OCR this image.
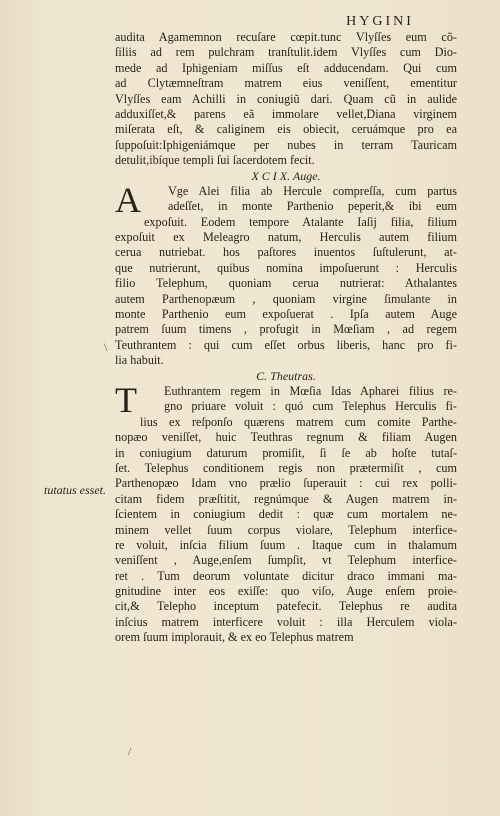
HYGINI
tutatus esset.
\
/
audita Agamemnon recuſare cœpit.tunc Vlyſſes eum cõ-
ſiliis ad rem pulchram tranſtulit.idem Vlyſſes cum Dio-
mede ad Iphigeniam miſſus eſt adducendam. Qui cum
ad Clytæmneſtram matrem eius veniſſent, ementitur
Vlyſſes eam Achilli in coniugiũ dari. Quam cũ in aulide
adduxiſſet,& parens eã immolare vellet,Diana virginem
miſerata eſt, & caliginem eis obiecit, ceruámque pro ea
ſuppoſuit:Iphigeniámque per nubes in terram Tauricam
detulit,ibíque templi ſui ſacerdotem fecit.
X C I X. Auge.
A	Vge Alei filia ab Hercule compreſſa, cum partus
adeſſet, in monte Parthenio peperit,& ibi eum
expoſuit. Eodem tempore Atalante Iaſij filia, filium
expoſuit ex Meleagro natum, Herculis autem filium
cerua nutriebat. hos paſtores inuentos ſuſtulerunt, at-
que nutrierunt, quibus nomina impoſuerunt : Herculis
filio Telephum, quoniam cerua nutrierat: Athalantes
autem Parthenopæum , quoniam virgine ſimulante in
monte Parthenio eum expoſuerat . Ipſa autem Auge
patrem ſuum timens , profugit in Mœſiam , ad regem
Teuthrantem : qui cum eſſet orbus liberis, hanc pro fi-
lia habuit.
C. Theutras.
T	Euthrantem regem in Mœſia Idas Apharei filius re-
gno priuare voluit : quó cum Telephus Herculis fi-
lius ex reſponſo quærens matrem cum comite Parthe-
nopæo veniſſet, huic Teuthras regnum & filiam Augen
in coniugium daturum promiſit, ſi ſe ab hoſte tutaſ-
ſet. Telephus conditionem regis non prætermiſit , cum
Parthenopæo Idam vno prælio ſuperauit : cui rex polli-
citam fidem præſtitit, regnúmque & Augen matrem in-
ſcientem in coniugium dedit : quæ cum mortalem ne-
minem vellet ſuum corpus violare, Telephum interfice-
re voluit, inſcia filium ſuum . Itaque cum in thalamum
veniſſent , Auge,enſem ſumpſit, vt Telephum interfice-
ret . Tum deorum voluntate dicitur draco immani ma-
gnitudine inter eos exiſſe: quo viſo, Auge enſem proie-
cit,& Telepho inceptum patefecit. Telephus re audita
inſcius matrem interficere voluit : illa Herculem viola-
orem ſuum implorauit, & ex eo Telephus matrem
